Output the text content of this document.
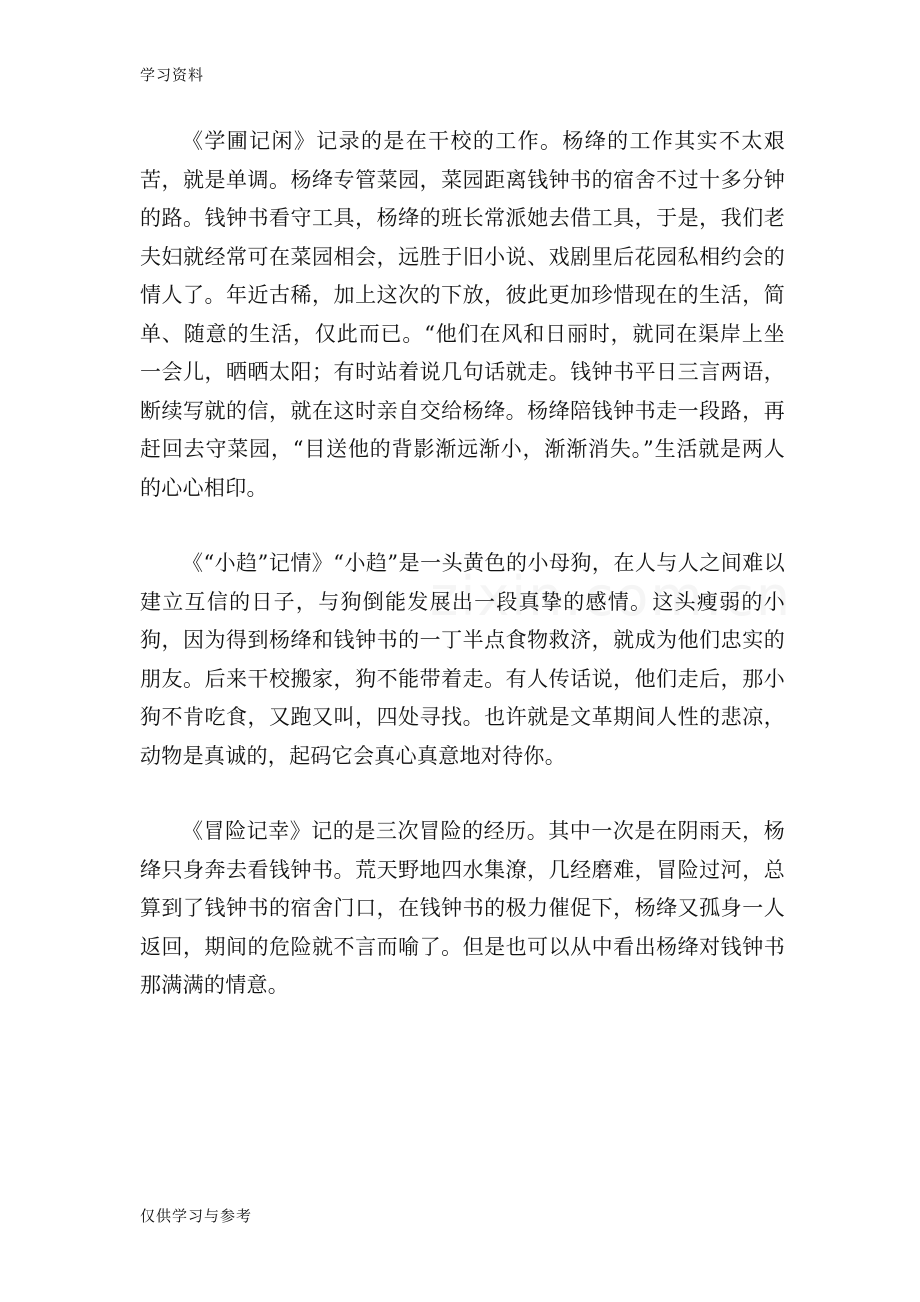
学习资料

《学圃记闲》记录的是在干校的工作。杨绛的工作其实不太艰苦，就是单调。杨绛专管菜园，菜园距离钱钟书的宿舍不过十多分钟的路。钱钟书看守工具，杨绛的班长常派她去借工具，于是，我们老夫妇就经常可在菜园相会，远胜于旧小说、戏剧里后花园私相约会的情人了。年近古稀，加上这次的下放，彼此更加珍惜现在的生活，简单、随意的生活，仅此而已。“他们在风和日丽时，就同在渠岸上坐一会儿，晒晒太阳；有时站着说几句话就走。钱钟书平日三言两语，断续写就的信，就在这时亲自交给杨绛。杨绛陪钱钟书走一段路，再赶回去守菜园，“目送他的背影渐远渐小，渐渐消失。”生活就是两人的心心相印。

《“小趋”记情》“小趋”是一头黄色的小母狗，在人与人之间难以建立互信的日子，与狗倒能发展出一段真挚的感情。这头瘦弱的小狗，因为得到杨绛和钱钟书的一丁半点食物救济，就成为他们忠实的朋友。后来干校搬家，狗不能带着走。有人传话说，他们走后，那小狗不肯吃食，又跑又叫，四处寻找。也许就是文革期间人性的悲凉，动物是真诚的，起码它会真心真意地对待你。

《冒险记幸》记的是三次冒险的经历。其中一次是在阴雨天，杨绛只身奔去看钱钟书。荒天野地四水集潦，几经磨难，冒险过河，总算到了钱钟书的宿舍门口，在钱钟书的极力催促下，杨绛又孤身一人返回，期间的危险就不言而喻了。但是也可以从中看出杨绛对钱钟书那满满的情意。

仅供学习与参考
